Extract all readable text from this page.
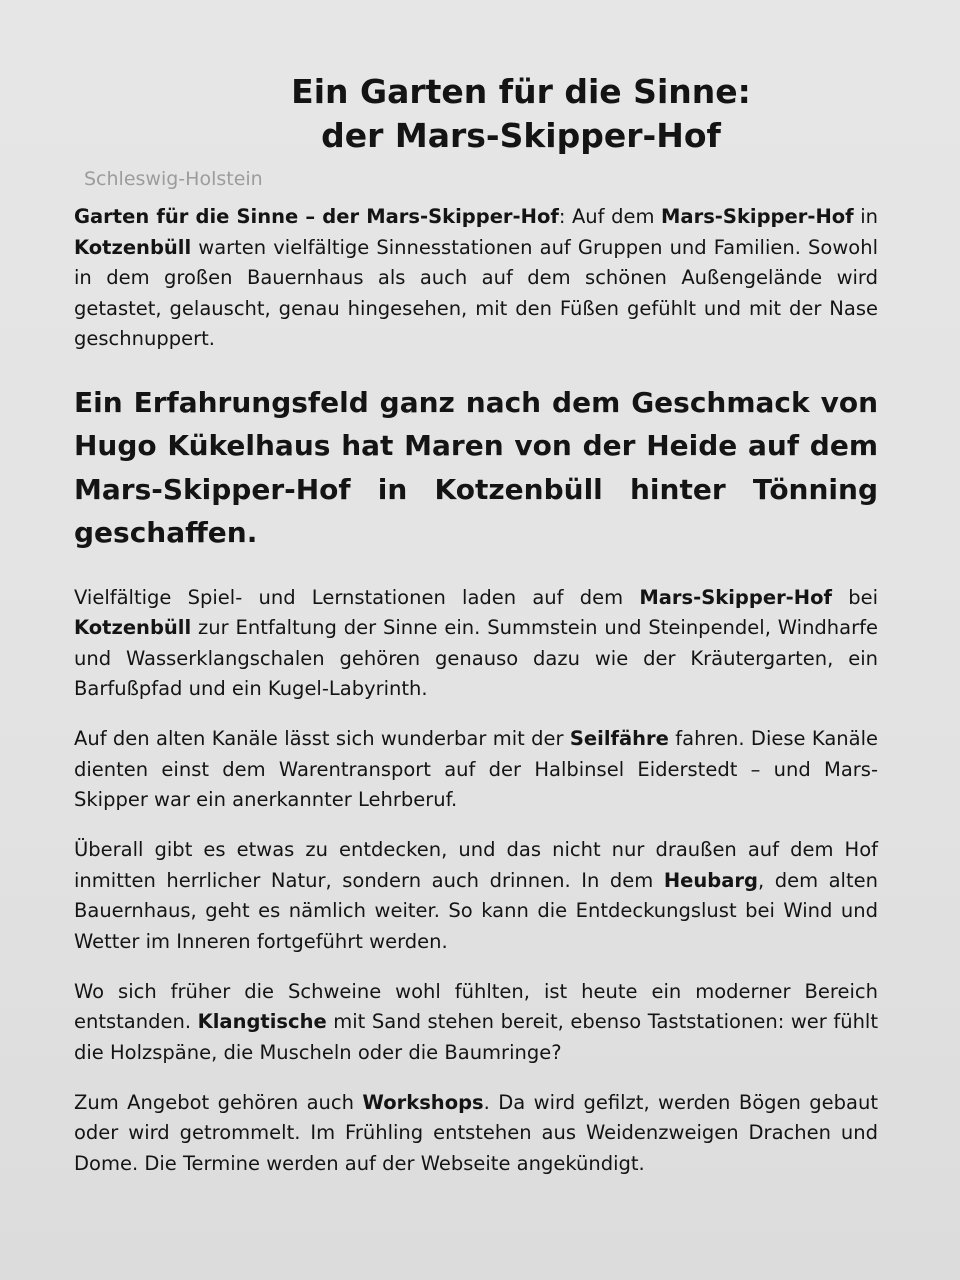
Ein Garten für die Sinne:
der Mars-Skipper-Hof
Schleswig-Holstein

Garten für die Sinne – der Mars-Skipper-Hof: Auf dem Mars-Skipper-Hof in Kotzenbüll warten vielfältige Sinnesstationen auf Gruppen und Familien. Sowohl in dem großen Bauernhaus als auch auf dem schönen Außengelände wird getastet, gelauscht, genau hingesehen, mit den Füßen gefühlt und mit der Nase geschnuppert.

Ein Erfahrungsfeld ganz nach dem Geschmack von Hugo Kükelhaus hat Maren von der Heide auf dem Mars-Skipper-Hof in Kotzenbüll hinter Tönning geschaffen.

Vielfältige Spiel- und Lernstationen laden auf dem Mars-Skipper-Hof bei Kotzenbüll zur Entfaltung der Sinne ein. Summstein und Steinpendel, Windharfe und Wasserklangschalen gehören genauso dazu wie der Kräutergarten, ein Barfußpfad und ein Kugel-Labyrinth.

Auf den alten Kanäle lässt sich wunderbar mit der Seilfähre fahren. Diese Kanäle dienten einst dem Warentransport auf der Halbinsel Eiderstedt – und Mars-Skipper war ein anerkannter Lehrberuf.

Überall gibt es etwas zu entdecken, und das nicht nur draußen auf dem Hof inmitten herrlicher Natur, sondern auch drinnen. In dem Heubarg, dem alten Bauernhaus, geht es nämlich weiter. So kann die Entdeckungslust bei Wind und Wetter im Inneren fortgeführt werden.

Wo sich früher die Schweine wohl fühlten, ist heute ein moderner Bereich entstanden. Klangtische mit Sand stehen bereit, ebenso Taststationen: wer fühlt die Holzspäne, die Muscheln oder die Baumringe?

Zum Angebot gehören auch Workshops. Da wird gefilzt, werden Bögen gebaut oder wird getrommelt. Im Frühling entstehen aus Weidenzweigen Drachen und Dome. Die Termine werden auf der Webseite angekündigt.
